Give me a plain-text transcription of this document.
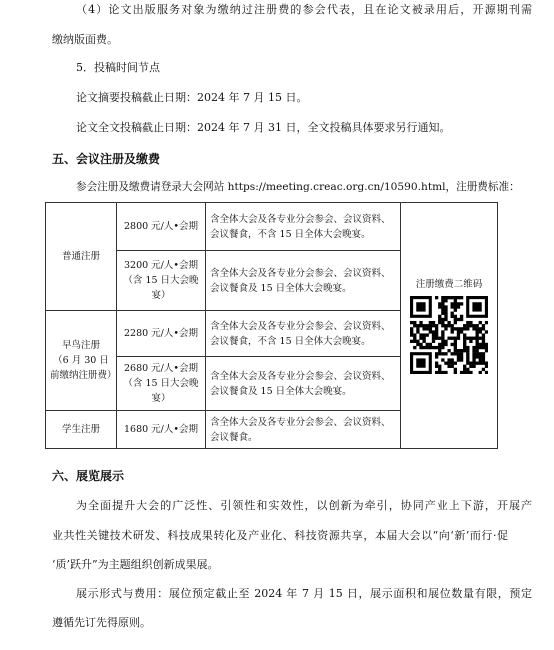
（4）论文出版服务对象为缴纳过注册费的参会代表，且在论文被录用后，开源期刊需
缴纳版面费。
5．投稿时间节点
论文摘要投稿截止日期：2024 年 7 月 15 日。
论文全文投稿截止日期：2024 年 7 月 31 日，全文投稿具体要求另行通知。
五、会议注册及缴费
参会注册及缴费请登录大会网站 https://meeting.creac.org.cn/10590.html，注册费标准：
普通注册	2800 元/人•会期	含全体大会及各专业分会参会、会议资料、会议餐食，不含 15 日全体大会晚宴。	注册缴费二维码

	3200 元/人•会期
（含 15 日大会晚宴）	含全体大会及各专业分会参会、会议资料、会议餐食及 15 日全体大会晚宴。	

早鸟注册
（6 月 30 日前缴纳注册费）	2280 元/人•会期	含全体大会及各专业分会参会、会议资料、会议餐食，不含 15 日全体大会晚宴。	

	2680 元/人•会期
（含 15 日大会晚宴）	含全体大会及各专业分会参会、会议资料、会议餐食及 15 日全体大会晚宴。	
学生注册	1680 元/人•会期	含全体大会及各专业分会参会、会议资料、会议餐食。	
六、展览展示
为全面提升大会的广泛性、引领性和实效性，以创新为牵引，协同产业上下游，开展产
业共性关键技术研发、科技成果转化及产业化、科技资源共享，本届大会以“向‘新’而行·促
‘质’跃升”为主题组织创新成果展。
展示形式与费用：展位预定截止至 2024 年 7 月 15 日，展示面积和展位数量有限，预定
遵循先订先得原则。
